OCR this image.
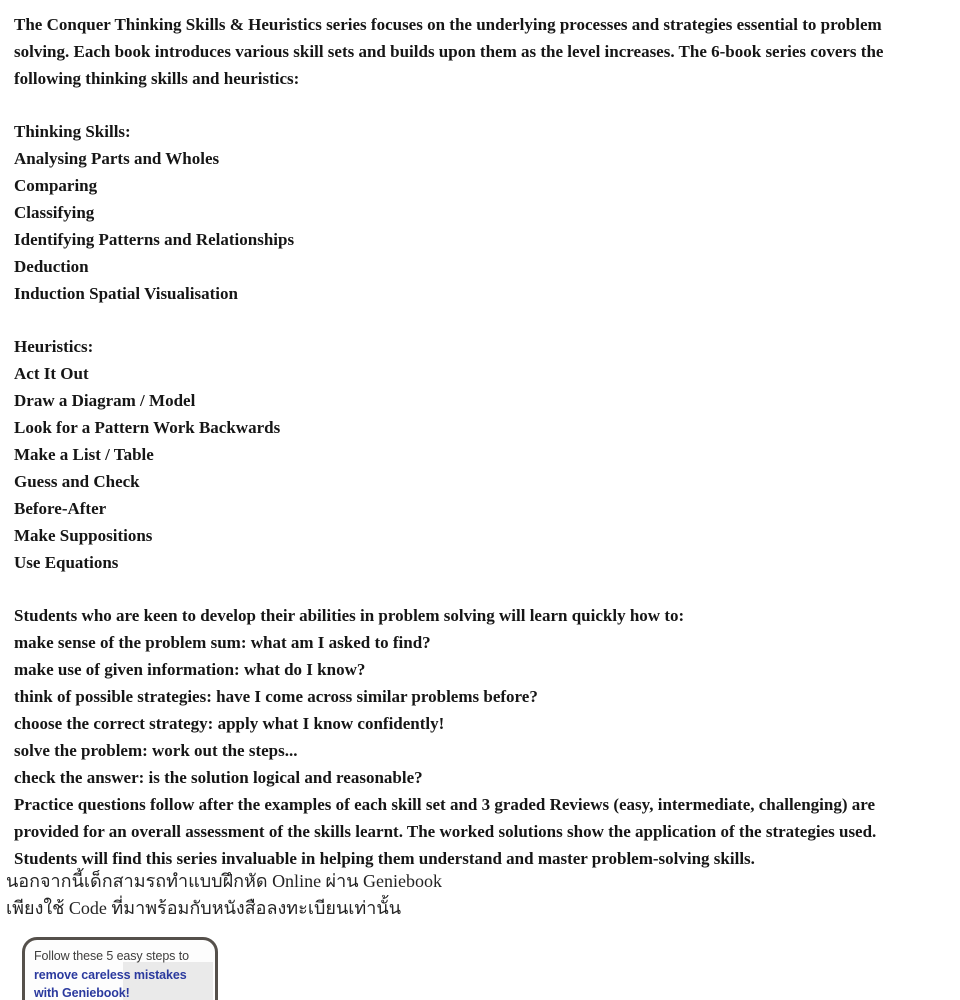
The Conquer Thinking Skills & Heuristics series focuses on the underlying processes and strategies essential to problem
solving. Each book introduces various skill sets and builds upon them as the level increases. The 6-book series covers the
following thinking skills and heuristics:
Thinking Skills:
Analysing Parts and Wholes
Comparing
Classifying
Identifying Patterns and Relationships
Deduction
Induction Spatial Visualisation
Heuristics:
Act It Out
Draw a Diagram / Model
Look for a Pattern Work Backwards
Make a List / Table
Guess and Check
Before-After
Make Suppositions
Use Equations
Students who are keen to develop their abilities in problem solving will learn quickly how to:
make sense of the problem sum: what am I asked to find?
make use of given information: what do I know?
think of possible strategies: have I come across similar problems before?
choose the correct strategy: apply what I know confidently!
solve the problem: work out the steps...
check the answer: is the solution logical and reasonable?
Practice questions follow after the examples of each skill set and 3 graded Reviews (easy, intermediate, challenging) are
provided for an overall assessment of the skills learnt. The worked solutions show the application of the strategies used.
Students will find this series invaluable in helping them understand and master problem-solving skills.
นอกจากนี้เด็กสามรถทำแบบฝึกหัด Online ผ่าน Geniebook
เพียงใช้ Code ที่มาพร้อมกับหนังสือลงทะเบียนเท่านั้น
Follow these 5 easy steps to
remove careless mistakes
with Geniebook!
